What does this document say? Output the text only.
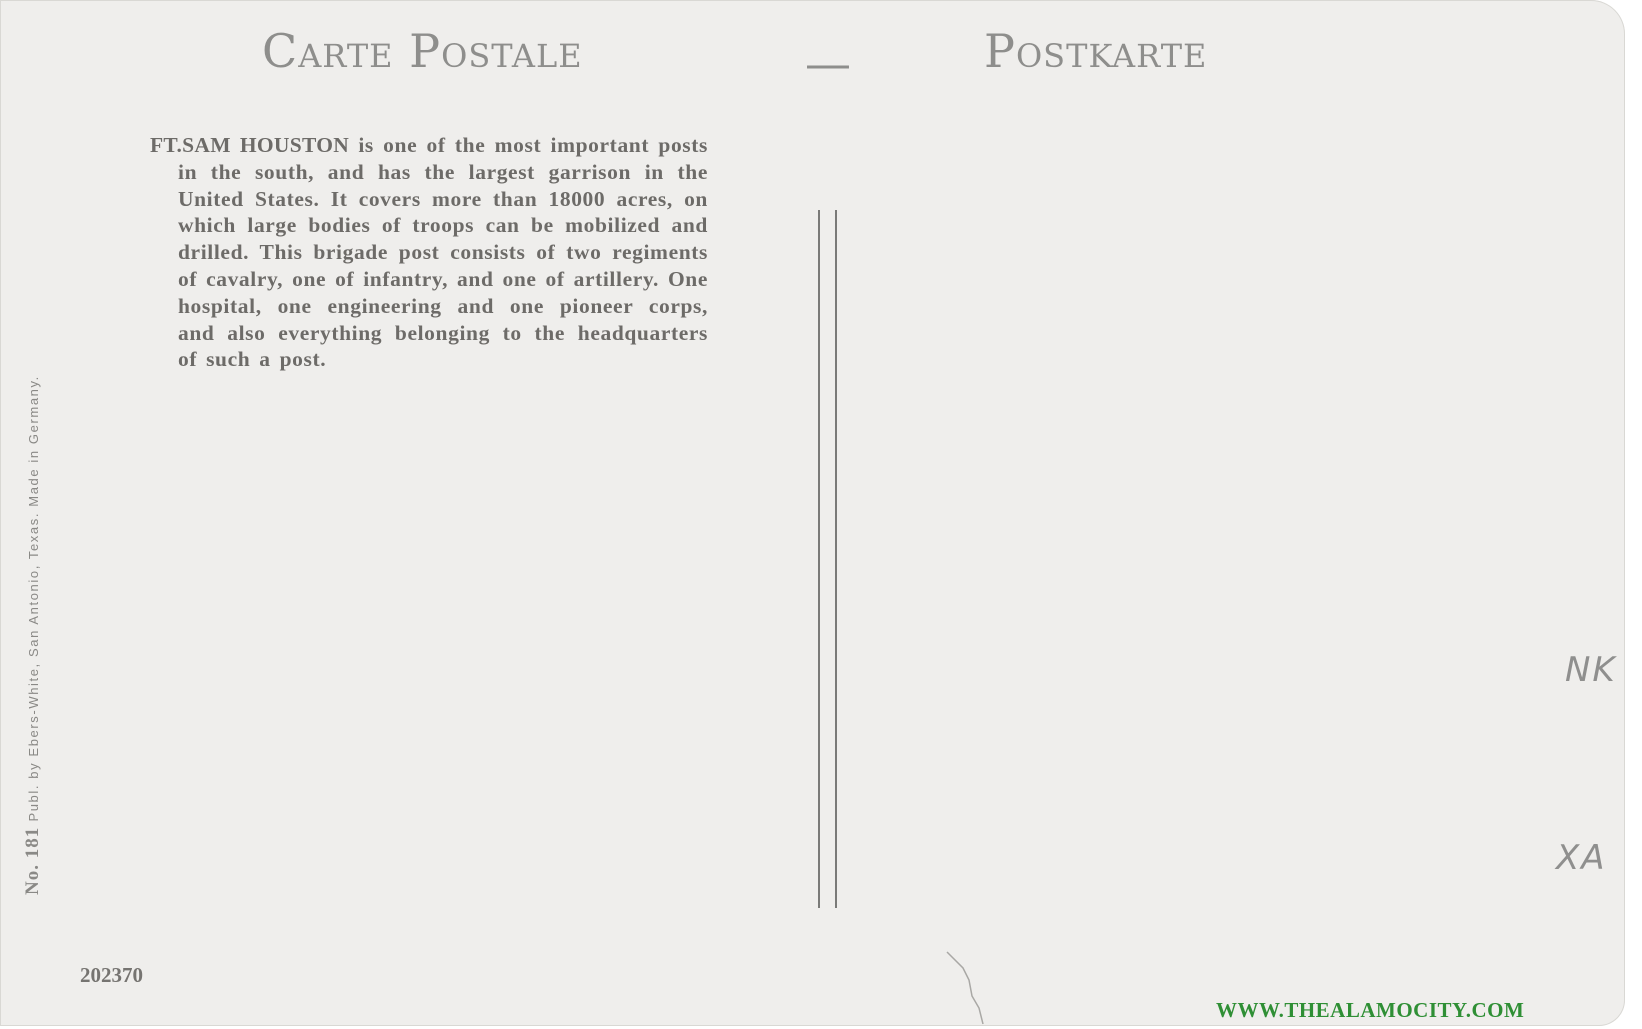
Carte Postale	—	Postkarte
FT.SAM HOUSTON is one of the most important posts in the south, and has the largest garrison in the United States. It covers more than 18000 acres, on which large bodies of troops can be mobilized and drilled. This brigade post consists of two regiments of cavalry, one of infantry, and one of artillery. One hospital, one engineering and one pioneer corps, and also everything belonging to the headquarters of such a post.
No. 181 Publ. by Ebers-White, San Antonio, Texas. Made in Germany.
202370
NK
XA
WWW.THEALAMOCITY.COM
